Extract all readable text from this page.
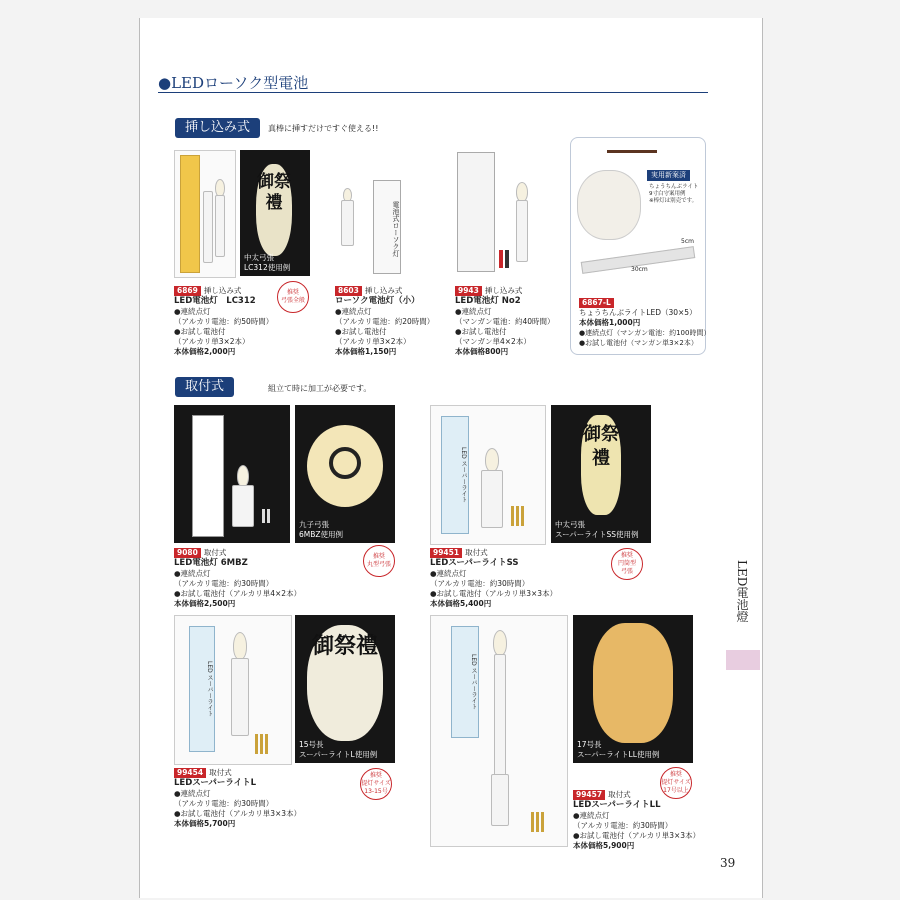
●LEDローソク型電池
挿し込み式	真棒に挿すだけですぐ使える!!
御祭禮
中太弓張
LC312使用例
推奨
弓張全般
6869 挿し込み式
LED電池灯　LC312
●連続点灯
（アルカリ電池：約50時間）
●お試し電池付
（アルカリ単3×2本）
本体価格2,000円
電池式ローソク灯
8603 挿し込み式
ローソク電池灯（小）
●連続点灯
（アルカリ電池：約20時間）
●お試し電池付
（アルカリ単3×2本）
本体価格1,150円
9943 挿し込み式
LED電池灯 No2
●連続点灯
（マンガン電池：約40時間）
●お試し電池付
（マンガン単4×2本）
本体価格800円
実用新案済
ちょうちんぶライト
9寸白守案用例
※棒灯は別売です。
30cm
5cm
6867-L
ちょうちんぶライトLED（30×5）
本体価格1,000円
●連続点灯（マンガン電池：約100時間）
●お試し電池付（マンガン単3×2本）
取付式	組立て時に加工が必要です。
九子弓張
6MBZ使用例
推奨
丸型弓張
9080 取付式
LED電池灯 6MBZ
●連続点灯
（アルカリ電池：約30時間）
●お試し電池付（アルカリ単4×2本）
本体価格2,500円
LED スーパーライト
御祭禮
中太弓張
スーパーライトSS使用例
推奨
円筒型
弓張
99451 取付式
LEDスーパーライトSS
●連続点灯
（アルカリ電池：約30時間）
●お試し電池付（アルカリ単3×3本）
本体価格5,400円
LED スーパーライト
御祭禮
15号長
スーパーライトL使用例
推奨
提灯サイズ
13-15号
99454 取付式
LEDスーパーライトL
●連続点灯
（アルカリ電池：約30時間）
●お試し電池付（アルカリ単3×3本）
本体価格5,700円
LED スーパーライト
17号長
スーパーライトLL使用例
推奨
提灯サイズ
17号以上
99457 取付式
LEDスーパーライトLL
●連続点灯
（アルカリ電池：約30時間）
●お試し電池付（アルカリ単3×3本）
本体価格5,900円
LED電池燈
39
